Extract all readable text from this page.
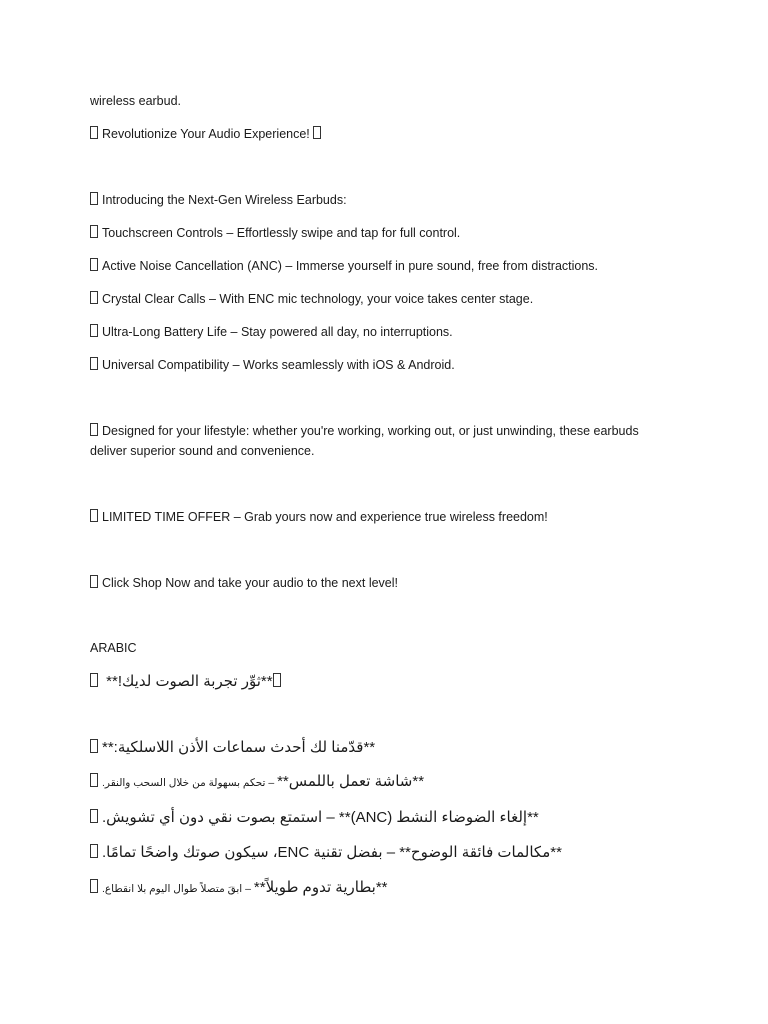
wireless earbud.
Revolutionize Your Audio Experience!
Introducing the Next-Gen Wireless Earbuds:
Touchscreen Controls – Effortlessly swipe and tap for full control.
Active Noise Cancellation (ANC) – Immerse yourself in pure sound, free from distractions.
Crystal Clear Calls – With ENC mic technology, your voice takes center stage.
Ultra-Long Battery Life – Stay powered all day, no interruptions.
Universal Compatibility – Works seamlessly with iOS & Android.
Designed for your lifestyle: whether you're working, working out, or just unwinding, these earbuds deliver superior sound and convenience.
LIMITED TIME OFFER – Grab yours now and experience true wireless freedom!
Click Shop Now and take your audio to the next level!
ARABIC
**ثوِّر تجربة الصوت لديك!**
**قدّمنا لك أحدث سماعات الأذن اللاسلكية:**
**شاشة تعمل باللمس** – تحكم بسهولة من خلال السحب والنقر.
**إلغاء الضوضاء النشط (ANC)** – استمتع بصوت نقي دون أي تشويش.
**مكالمات فائقة الوضوح** – بفضل تقنية ENC، سيكون صوتك واضحًا تمامًا.
**بطارية تدوم طويلاً** – ابقَ متصلاً طوال اليوم بلا انقطاع.
